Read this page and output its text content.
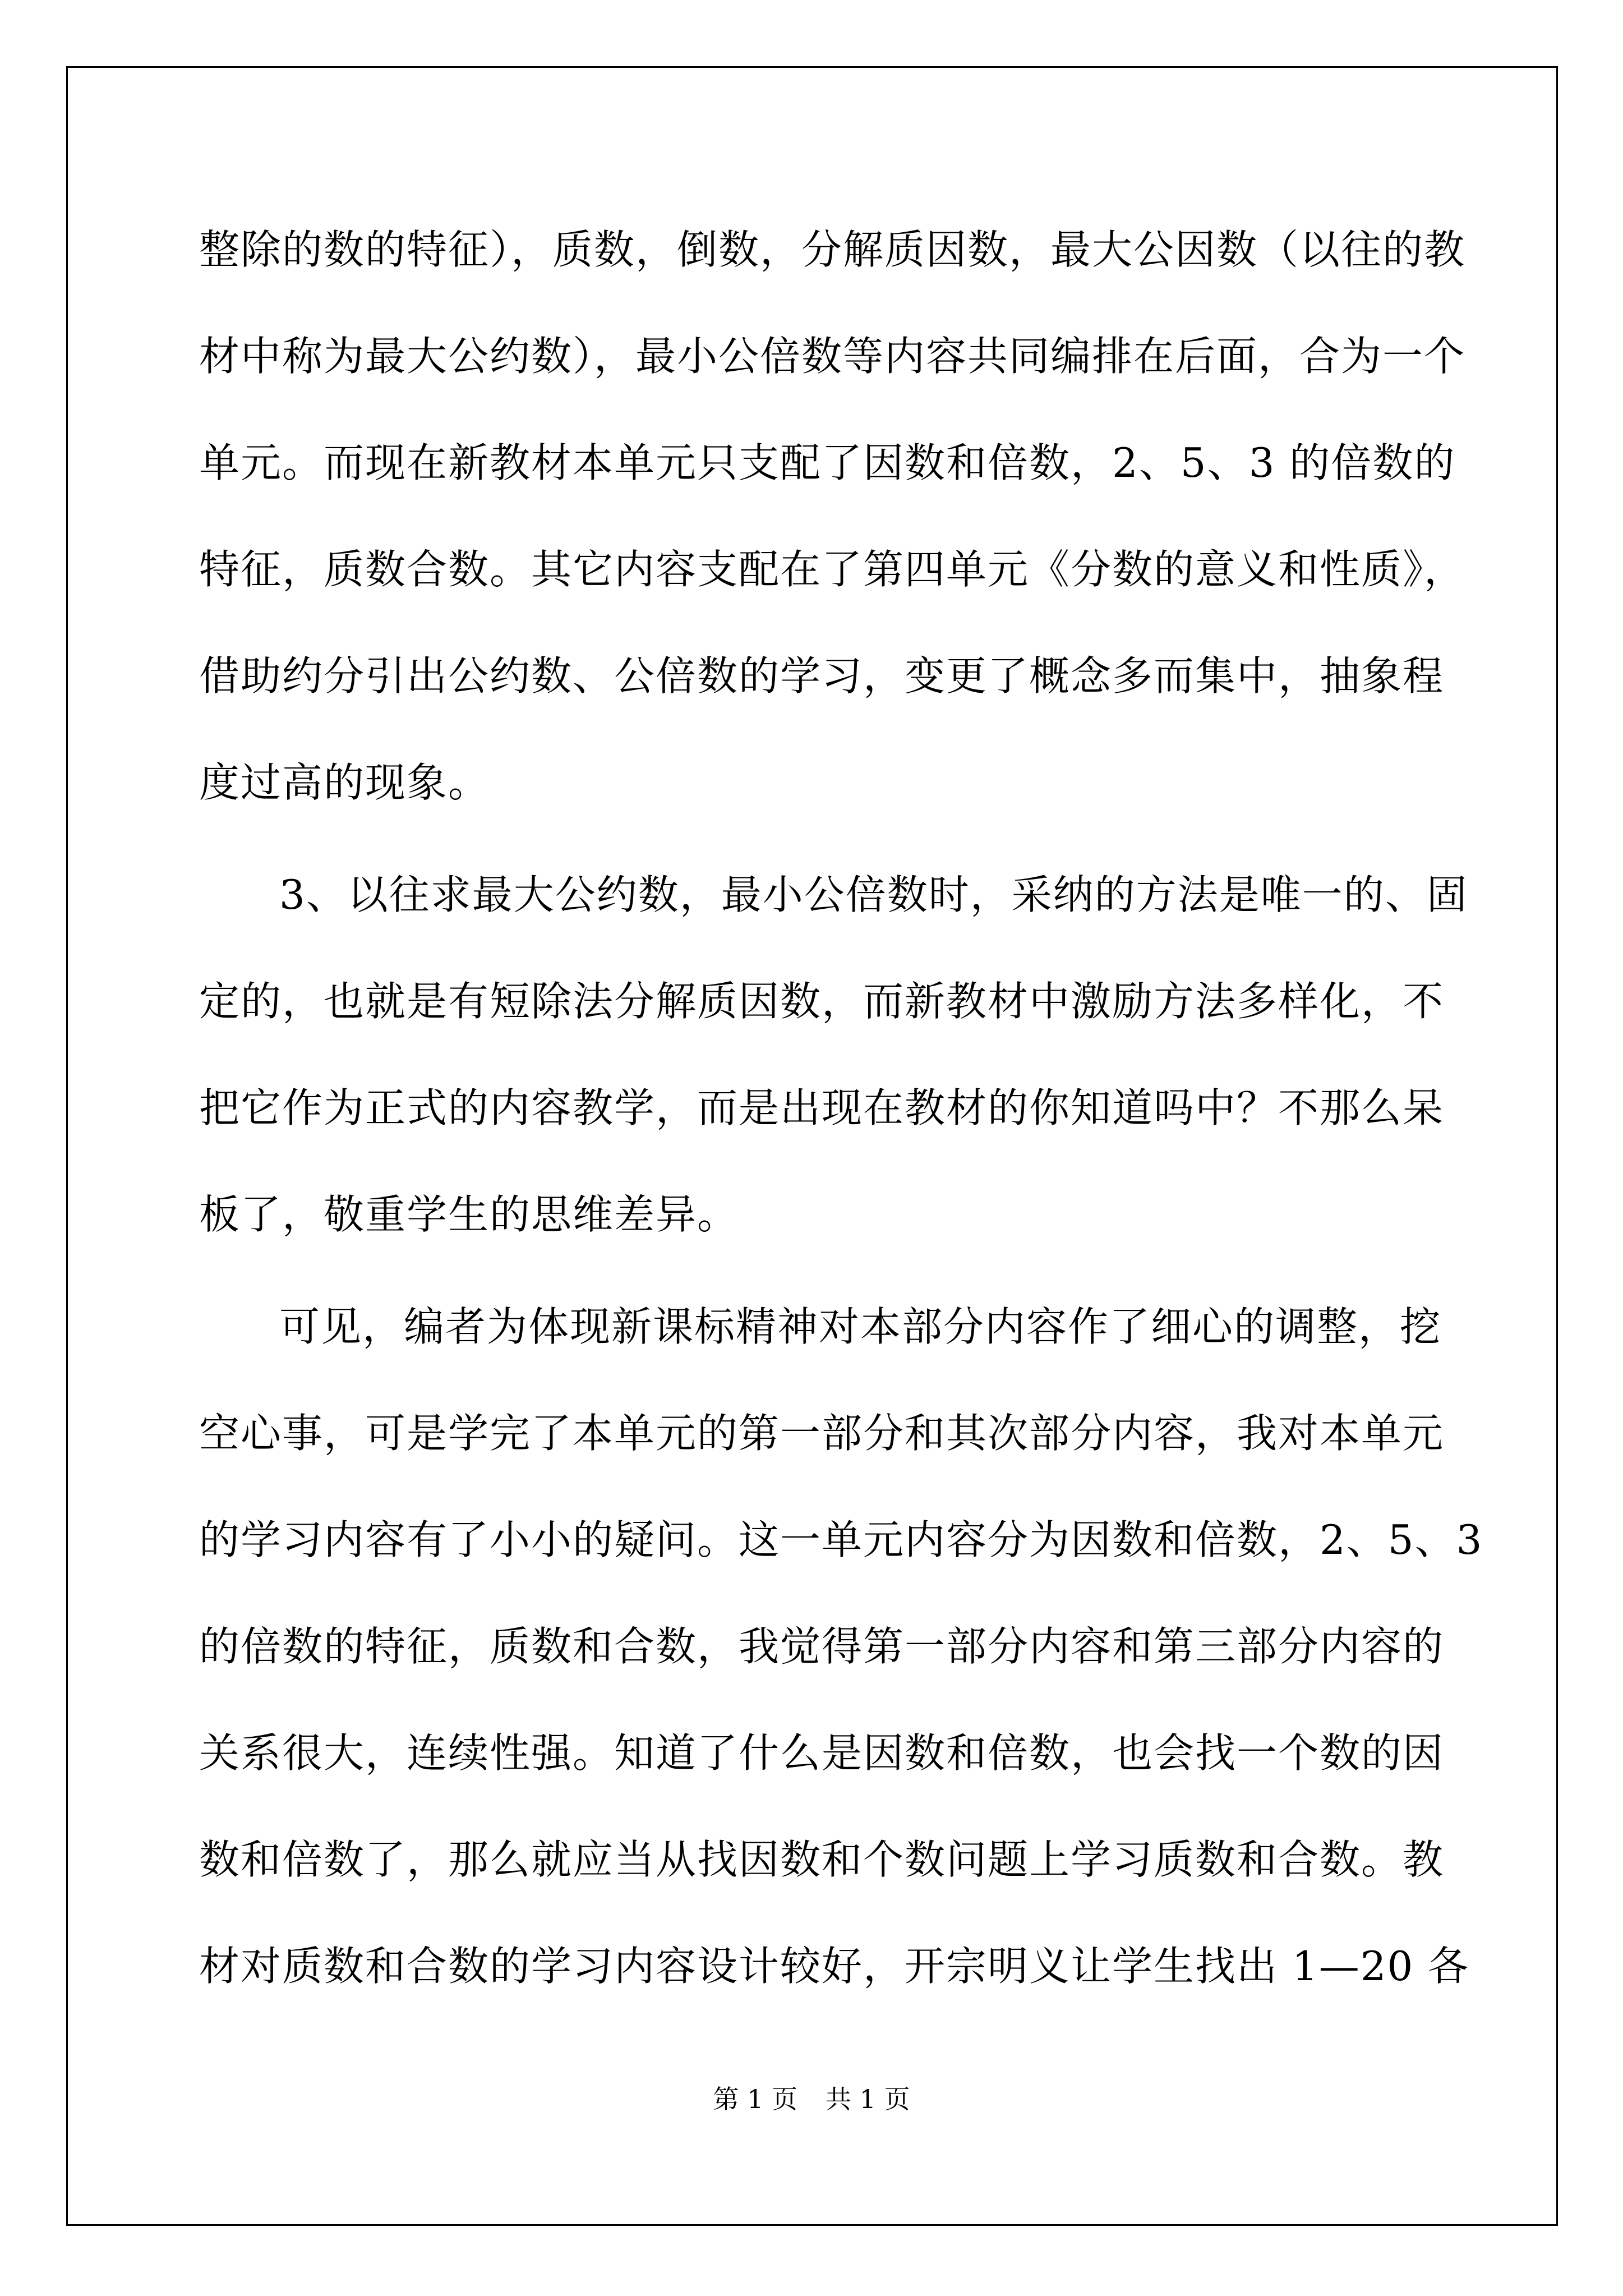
整除的数的特征），质数，倒数，分解质因数，最大公因数（以往的教
材中称为最大公约数），最小公倍数等内容共同编排在后面，合为一个
单元。而现在新教材本单元只支配了因数和倍数，2、5、3 的倍数的
特征，质数合数。其它内容支配在了第四单元《分数的意义和性质》，
借助约分引出公约数、公倍数的学习，变更了概念多而集中，抽象程
度过高的现象。
3、以往求最大公约数，最小公倍数时，采纳的方法是唯一的、固
定的，也就是有短除法分解质因数，而新教材中激励方法多样化，不
把它作为正式的内容教学，而是出现在教材的你知道吗中？不那么呆
板了，敬重学生的思维差异。
可见，编者为体现新课标精神对本部分内容作了细心的调整，挖
空心事，可是学完了本单元的第一部分和其次部分内容，我对本单元
的学习内容有了小小的疑问。这一单元内容分为因数和倍数，2、5、3
的倍数的特征，质数和合数，我觉得第一部分内容和第三部分内容的
关系很大，连续性强。知道了什么是因数和倍数，也会找一个数的因
数和倍数了，那么就应当从找因数和个数问题上学习质数和合数。教
材对质数和合数的学习内容设计较好，开宗明义让学生找出 1—20 各
第 1 页 共 1 页
